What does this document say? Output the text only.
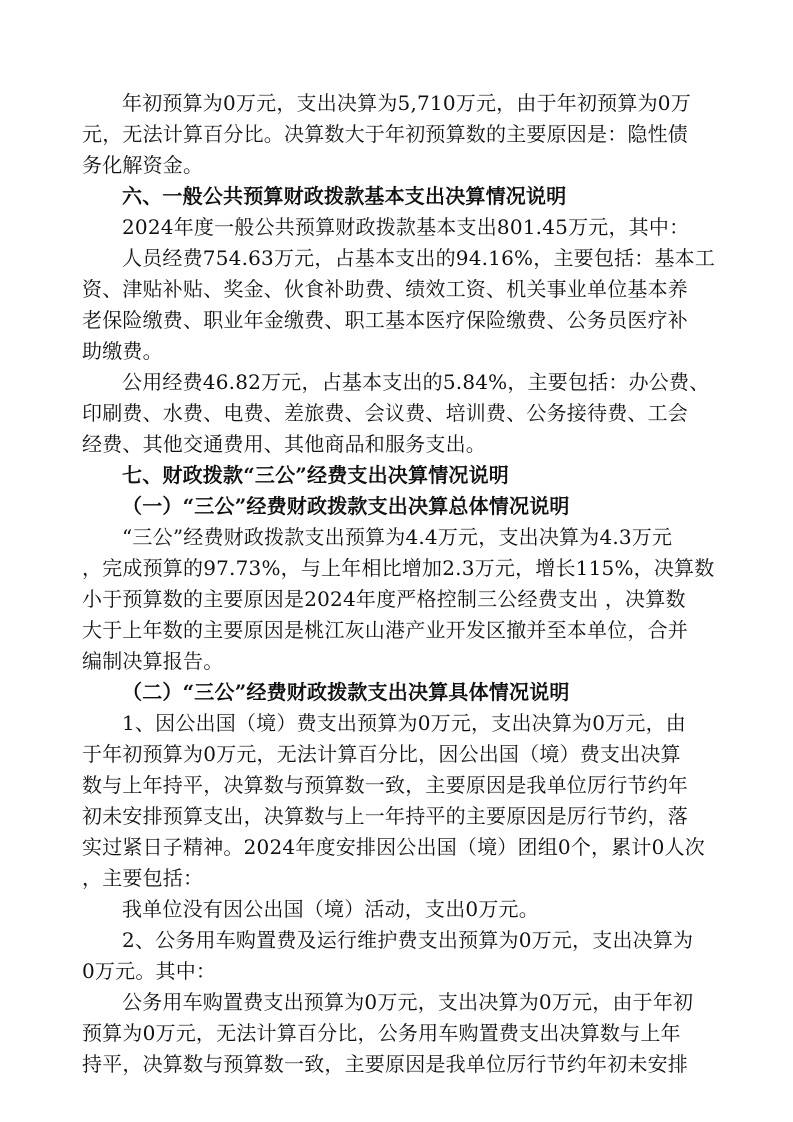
年初预算为0万元，支出决算为5,710万元，由于年初预算为0万
元，无法计算百分比。决算数大于年初预算数的主要原因是：隐性债
务化解资金。
六、一般公共预算财政拨款基本支出决算情况说明
2024年度一般公共预算财政拨款基本支出801.45万元，其中：
人员经费754.63万元，占基本支出的94.16%，主要包括：基本工
资、津贴补贴、奖金、伙食补助费、绩效工资、机关事业单位基本养
老保险缴费、职业年金缴费、职工基本医疗保险缴费、公务员医疗补
助缴费。
公用经费46.82万元，占基本支出的5.84%，主要包括：办公费、
印刷费、水费、电费、差旅费、会议费、培训费、公务接待费、工会
经费、其他交通费用、其他商品和服务支出。
七、财政拨款“三公”经费支出决算情况说明
（一）“三公”经费财政拨款支出决算总体情况说明
“三公”经费财政拨款支出预算为4.4万元，支出决算为4.3万元
，完成预算的97.73%，与上年相比增加2.3万元，增长115%，决算数
小于预算数的主要原因是2024年度严格控制三公经费支出 ，决算数
大于上年数的主要原因是桃江灰山港产业开发区撤并至本单位，合并
编制决算报告。
（二）“三公”经费财政拨款支出决算具体情况说明
1、因公出国（境）费支出预算为0万元，支出决算为0万元，由
于年初预算为0万元，无法计算百分比，因公出国（境）费支出决算
数与上年持平，决算数与预算数一致，主要原因是我单位厉行节约年
初未安排预算支出，决算数与上一年持平的主要原因是厉行节约，落
实过紧日子精神。2024年度安排因公出国（境）团组0个，累计0人次
，主要包括：
我单位没有因公出国（境）活动，支出0万元。
2、公务用车购置费及运行维护费支出预算为0万元，支出决算为
0万元。其中：
公务用车购置费支出预算为0万元，支出决算为0万元，由于年初
预算为0万元，无法计算百分比，公务用车购置费支出决算数与上年
持平，决算数与预算数一致，主要原因是我单位厉行节约年初未安排
